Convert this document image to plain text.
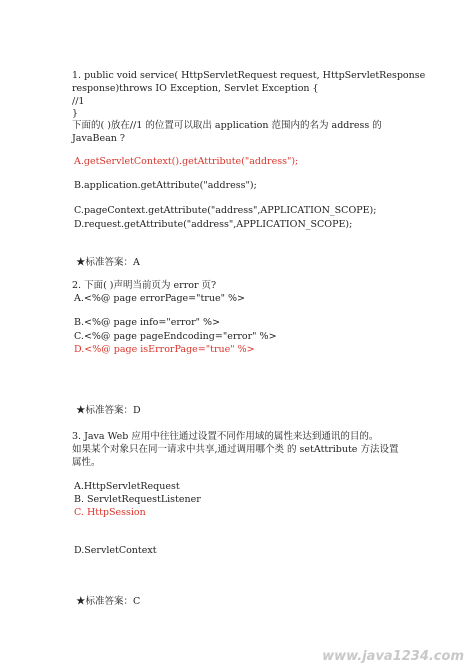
1. public void service( HttpServletRequest request, HttpServletResponse
response)throws IO Exception, Servlet Exception {
//1
}
下面的( )放在//1 的位置可以取出 application 范围内的名为 address 的
JavaBean ?
A.getServletContext().getAttribute("address");
B.application.getAttribute("address");
C.pageContext.getAttribute("address",APPLICATION_SCOPE);
D.request.getAttribute("address",APPLICATION_SCOPE);
★标准答案：A
2. 下面( )声明当前页为 error 页?
A.<%@ page errorPage="true" %>
B.<%@ page info="error" %>
C.<%@ page pageEndcoding="error" %>
D.<%@ page isErrorPage="true" %>
★标准答案：D
3. Java Web 应用中往往通过设置不同作用域的属性来达到通讯的目的。
如果某个对象只在同一请求中共享,通过调用哪个类 的 setAttribute 方法设置
属性。
A.HttpServletRequest
B. ServletRequestListener
C. HttpSession
D.ServletContext
★标准答案：C
www.java1234.com
